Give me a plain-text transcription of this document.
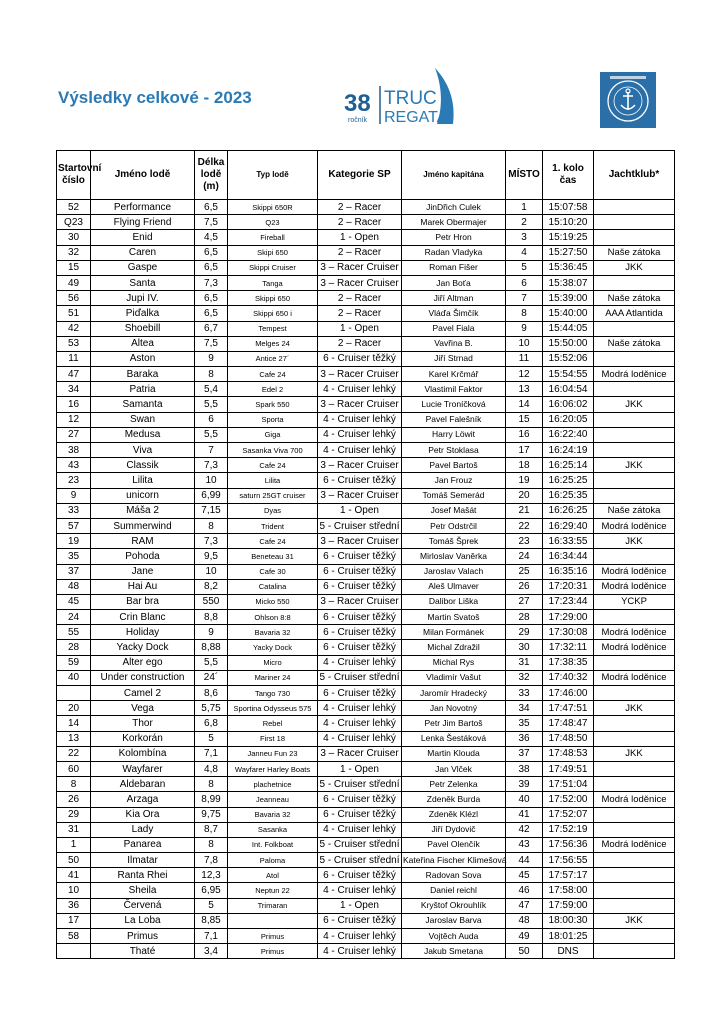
Výsledky celkové - 2023	38
ročník
TRUC
REGATA
Startovní číslo	Jméno lodě	Délka lodě (m)	Typ lodě	Kategorie SP	Jméno kapitána	MÍSTO	1. kolo čas	Jachtklub*
52	Performance	6,5	Skippi 650R	2 – Racer	JinDřich Culek	1	15:07:58	
Q23	Flying Friend	7,5	Q23	2 – Racer	Marek Obermajer	2	15:10:20	
30	Enid	4,5	Fireball	1 - Open	Petr Hron	3	15:19:25	
32	Caren	6,5	Skipi 650	2 – Racer	Radan Vladyka	4	15:27:50	Naše zátoka
15	Gaspe	6,5	Skippi Cruiser	3 – Racer Cruiser	Roman Fišer	5	15:36:45	JKK
49	Santa	7,3	Tanga	3 – Racer Cruiser	Jan Boťa	6	15:38:07	
56	Jupi IV.	6,5	Skippi 650	2 – Racer	Jiří Altman	7	15:39:00	Naše zátoka
51	Piďalka	6,5	Skippi 650 i	2 – Racer	Vláďa Šimčík	8	15:40:00	AAA Atlantida
42	Shoebill	6,7	Tempest	1 - Open	Pavel Fiala	9	15:44:05	
53	Altea	7,5	Melges 24	2 – Racer	Vavřina B.	10	15:50:00	Naše zátoka
11	Aston	9	Antice 27´	6 - Cruiser těžký	Jiří Strnad	11	15:52:06	
47	Baraka	8	Cafe 24	3 – Racer Cruiser	Karel Krčmář	12	15:54:55	Modrá loděnice
34	Patria	5,4	Edel 2	4 - Cruiser lehký	Vlastimil Faktor	13	16:04:54	
16	Samanta	5,5	Spark 550	3 – Racer Cruiser	Lucie Troníčková	14	16:06:02	JKK
12	Swan	6	Sporta	4 - Cruiser lehký	Pavel Falešník	15	16:20:05	
27	Medusa	5,5	Giga	4 - Cruiser lehký	Harry Löwit	16	16:22:40	
38	Viva	7	Sasanka Viva 700	4 - Cruiser lehký	Petr Stoklasa	17	16:24:19	
43	Classik	7,3	Cafe 24	3 – Racer Cruiser	Pavel Bartoš	18	16:25:14	JKK
23	Lilita	10	Lilita	6 - Cruiser těžký	Jan Frouz	19	16:25:25	
9	unicorn	6,99	saturn 25GT cruiser	3 – Racer Cruiser	Tomáš Semerád	20	16:25:35	
33	Máša 2	7,15	Dyas	1 - Open	Josef Mašát	21	16:26:25	Naše zátoka
57	Summerwind	8	Trident	5 - Cruiser střední	Petr Odstrčil	22	16:29:40	Modrá loděnice
19	RAM	7,3	Cafe 24	3 – Racer Cruiser	Tomáš Šprek	23	16:33:55	JKK
35	Pohoda	9,5	Beneteau 31	6 - Cruiser těžký	Mirloslav Vaněrka	24	16:34:44	
37	Jane	10	Cafe 30	6 - Cruiser těžký	Jaroslav Valach	25	16:35:16	Modrá loděnice
48	Hai Au	8,2	Catalina	6 - Cruiser těžký	Aleš Ulmaver	26	17:20:31	Modrá loděnice
45	Bar bra	550	Micko 550	3 – Racer Cruiser	Dalibor Liška	27	17:23:44	YCKP
24	Crin Blanc	8,8	Ohlson 8:8	6 - Cruiser těžký	Martin Svatoš	28	17:29:00	
55	Holiday	9	Bavaria 32	6 - Cruiser těžký	Milan Formánek	29	17:30:08	Modrá loděnice
28	Yacky Dock	8,88	Yacky Dock	6 - Cruiser těžký	Michal Zdražil	30	17:32:11	Modrá loděnice
59	Alter ego	5,5	Micro	4 - Cruiser lehký	Michal Rys	31	17:38:35	
40	Under construction	24´	Mariner 24	5 - Cruiser střední	Vladimír Vašut	32	17:40:32	Modrá loděnice
	Camel 2	8,6	Tango 730	6 - Cruiser těžký	Jaromír Hradecký	33	17:46:00	
20	Vega	5,75	Sportina Odysseus 575	4 - Cruiser lehký	Jan Novotný	34	17:47:51	JKK
14	Thor	6,8	Rebel	4 - Cruiser lehký	Petr Jim Bartoš	35	17:48:47	
13	Korkorán	5	First 18	4 - Cruiser lehký	Lenka Šestáková	36	17:48:50	
22	Kolombína	7,1	Janneu Fun 23	3 – Racer Cruiser	Martin Klouda	37	17:48:53	JKK
60	Wayfarer	4,8	Wayfarer Harley Boats	1 - Open	Jan Vlček	38	17:49:51	
8	Aldebaran	8	plachetnice	5 - Cruiser střední	Petr Zelenka	39	17:51:04	
26	Arzaga	8,99	Jeanneau	6 - Cruiser těžký	Zdeněk Burda	40	17:52:00	Modrá loděnice
29	Kia Ora	9,75	Bavaria 32	6 - Cruiser těžký	Zdeněk Klézl	41	17:52:07	
31	Lady	8,7	Sasanka	4 - Cruiser lehký	Jiří Dydovič	42	17:52:19	
1	Panarea	8	Int. Folkboat	5 - Cruiser střední	Pavel Olenčík	43	17:56:36	Modrá loděnice
50	Ilmatar	7,8	Paloma	5 - Cruiser střední	Kateřina Fischer Klimešová	44	17:56:55	
41	Ranta Rhei	12,3	Atol	6 - Cruiser těžký	Radovan Sova	45	17:57:17	
10	Sheila	6,95	Neptun 22	4 - Cruiser lehký	Daniel reichl	46	17:58:00	
36	Červená	5	Trimaran	1 - Open	Kryštof Okrouhlík	47	17:59:00	
17	La Loba	8,85		6 - Cruiser těžký	Jaroslav Barva	48	18:00:30	JKK
58	Primus	7,1	Primus	4 - Cruiser lehký	Vojtěch Auda	49	18:01:25	
	Thaté	3,4	Primus	4 - Cruiser lehký	Jakub Smetana	50	DNS	
